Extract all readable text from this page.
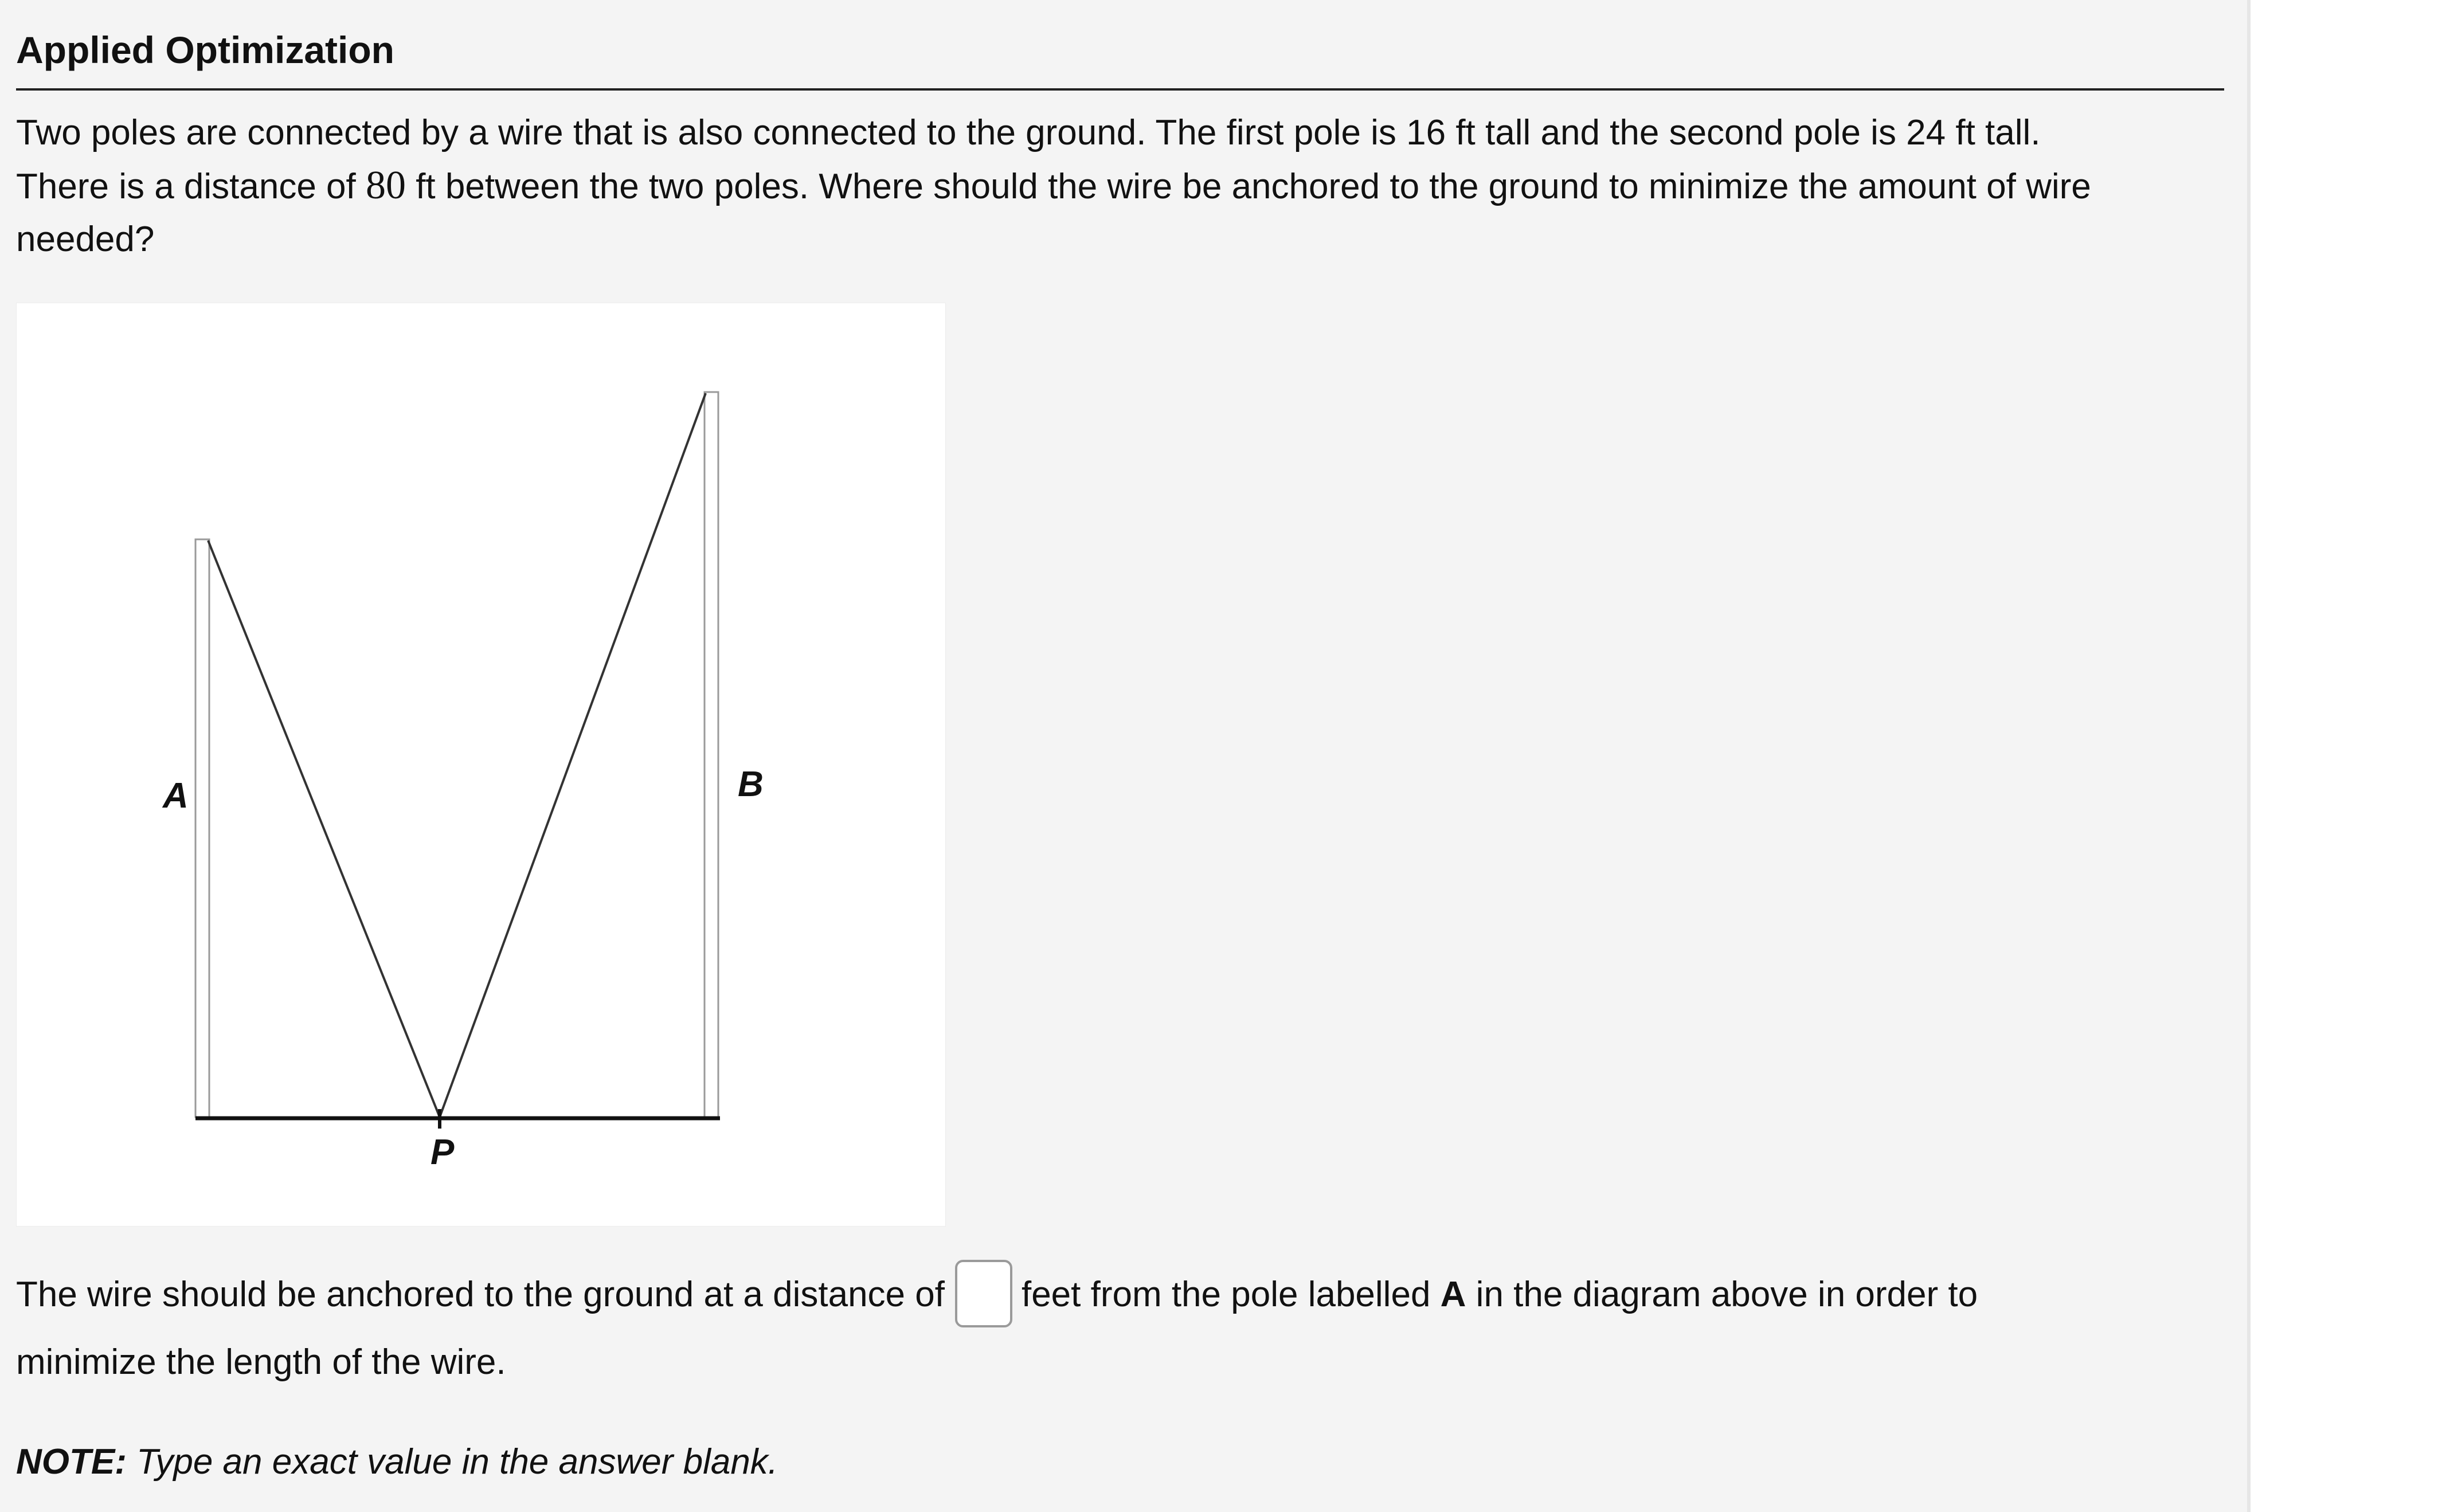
Applied Optimization
Two poles are connected by a wire that is also connected to the ground. The first pole is 16 ft tall and the second pole is 24 ft tall.
There is a distance of 80 ft between the two poles. Where should the wire be anchored to the ground to minimize the amount of wire
needed?
A	B
P
The wire should be anchored to the ground at a distance of feet from the pole labelled A in the diagram above in order to
minimize the length of the wire.
NOTE: Type an exact value in the answer blank.
